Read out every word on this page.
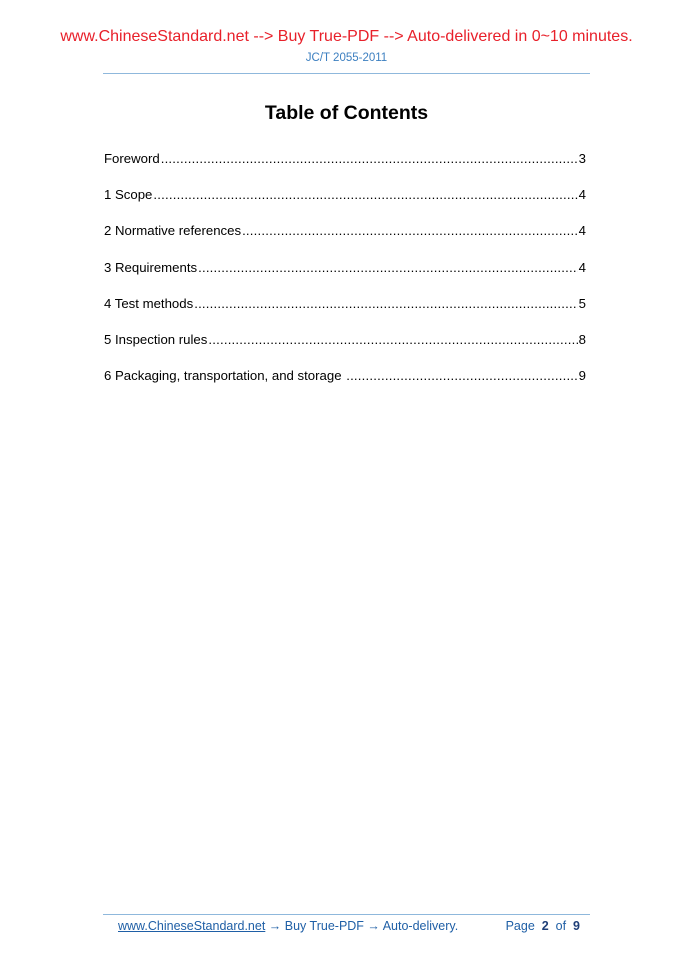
www.ChineseStandard.net --> Buy True-PDF --> Auto-delivered in 0~10 minutes.
JC/T 2055-2011
Table of Contents
Foreword .....	3
1 Scope .....	4
2 Normative references .....	4
3 Requirements .....	4
4 Test methods .....	5
5 Inspection rules .....	8
6 Packaging, transportation, and storage .....	9
www.ChineseStandard.net → Buy True-PDF → Auto-delivery.	Page 2 of 9
